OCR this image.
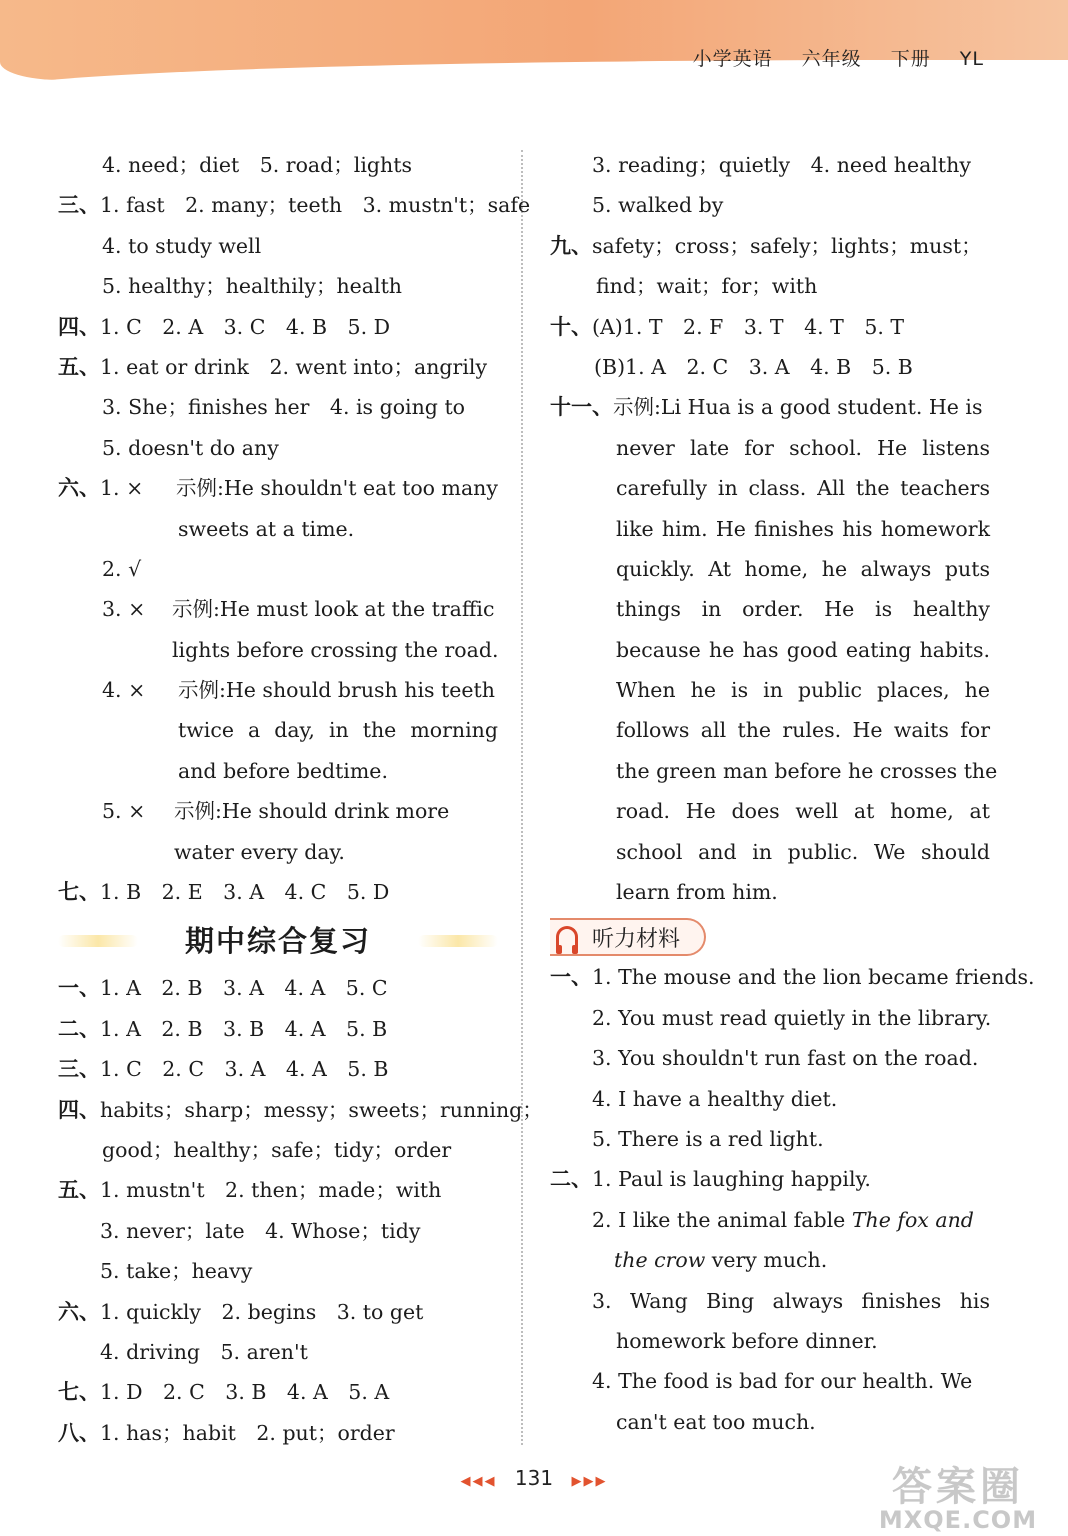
小学英语 六年级 下册 YL
4. need；diet　5. road；lights
三、1. fast　2. many；teeth　3. mustn't；safe
4. to study well
5. healthy；healthily；health
四、1. C　2. A　3. C　4. B　5. D
五、1. eat or drink　2. went into；angrily
3. She；finishes her　4. is going to
5. doesn't do any
六、1. × 示例:He shouldn't eat too many
sweets at a time.
2. √
3. × 示例:He must look at the traffic
lights before crossing the road.
4. × 示例:He should brush his teeth
twice a day, in the morning
and before bedtime.
5. × 示例:He should drink more
water every day.
七、1. B　2. E　3. A　4. C　5. D
期中综合复习
一、1. A　2. B　3. A　4. A　5. C
二、1. A　2. B　3. B　4. A　5. B
三、1. C　2. C　3. A　4. A　5. B
四、habits；sharp；messy；sweets；running；
good；healthy；safe；tidy；order
五、1. mustn't　2. then；made；with
3. never；late　4. Whose；tidy
5. take；heavy
六、1. quickly　2. begins　3. to get
4. driving　5. aren't
七、1. D　2. C　3. B　4. A　5. A
八、1. has；habit　2. put；order
3. reading；quietly　4. need healthy
5. walked by
九、safety；cross；safely；lights；must；
find；wait；for；with
十、(A)1. T　2. F　3. T　4. T　5. T
(B)1. A　2. C　3. A　4. B　5. B
十一、示例:Li Hua is a good student. He is
never late for school. He listens
carefully in class. All the teachers
like him. He finishes his homework
quickly. At home, he always puts
things in order. He is healthy
because he has good eating habits.
When he is in public places, he
follows all the rules. He waits for
the green man before he crosses the
road. He does well at home, at
school and in public. We should
learn from him.
听力材料
一、1. The mouse and the lion became friends.
2. You must read quietly in the library.
3. You shouldn't run fast on the road.
4. I have a healthy diet.
5. There is a red light.
二、1. Paul is laughing happily.
2. I like the animal fable The fox and
the crow very much.
3. Wang Bing always finishes his
homework before dinner.
4. The food is bad for our health. We
can't eat too much.
◀◀◀ 131 ▶▶▶	答案圈
MXQE.COM
